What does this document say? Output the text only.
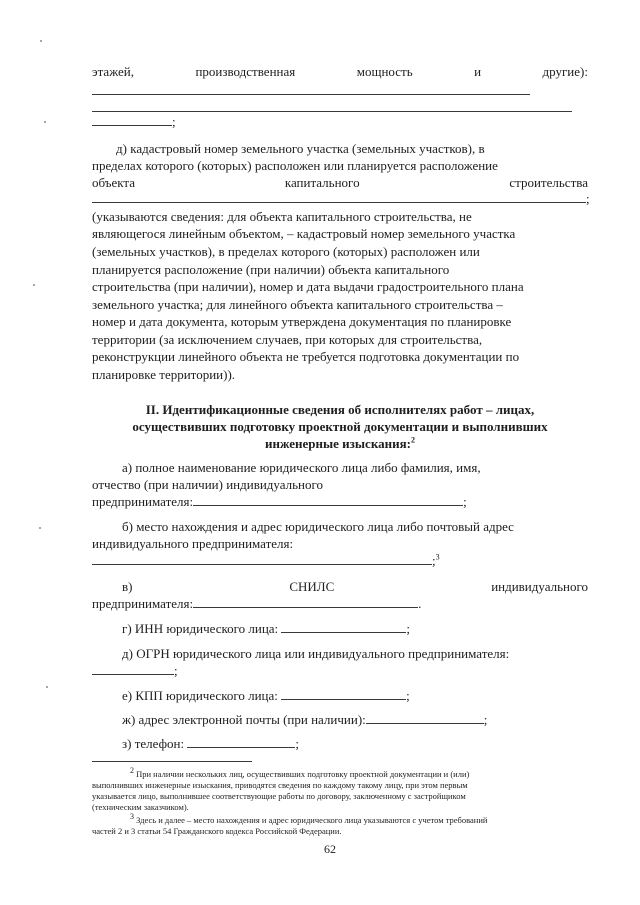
этажей,	производственная	мощность	и	другие):
;
д) кадастровый номер земельного участка (земельных участков), в
пределах которого (которых) расположен или планируется расположение
объекта	капитального	строительства
;
(указываются сведения: для объекта капитального строительства, не
являющегося линейным объектом, – кадастровый номер земельного участка
(земельных участков), в пределах которого (которых) расположен или
планируется расположение (при наличии) объекта капитального
строительства (при наличии), номер и дата выдачи градостроительного плана
земельного участка; для линейного объекта капитального строительства –
номер и дата документа, которым утверждена документация по планировке
территории (за исключением случаев, при которых для строительства,
реконструкции линейного объекта не требуется подготовка документации по
планировке территории)).
II. Идентификационные сведения об исполнителях работ – лицах,
осуществивших подготовку проектной документации и выполнивших
инженерные изыскания:$^2$
а) полное наименование юридического лица либо фамилия, имя,
отчество (при наличии) индивидуального
предпринимателя:	;
б) место нахождения и адрес юридического лица либо почтовый адрес
индивидуального предпринимателя:
;$^3$
в)	СНИЛС	индивидуального
предпринимателя:	.
г) ИНН юридического лица:	;
д) ОГРН юридического лица или индивидуального предпринимателя:
;
е) КПП юридического лица:	;
ж) адрес электронной почты (при наличии):	;
з) телефон:	;
$^2$ При наличии нескольких лиц, осуществивших подготовку проектной документации и (или)
выполнивших инженерные изыскания, приводятся сведения по каждому такому лицу, при этом первым
указывается лицо, выполнившее соответствующие работы по договору, заключенному с застройщиком
(техническим заказчиком).
$^3$ Здесь и далее – место нахождения и адрес юридического лица указываются с учетом требований
частей 2 и 3 статьи 54 Гражданского кодекса Российской Федерации.
62
